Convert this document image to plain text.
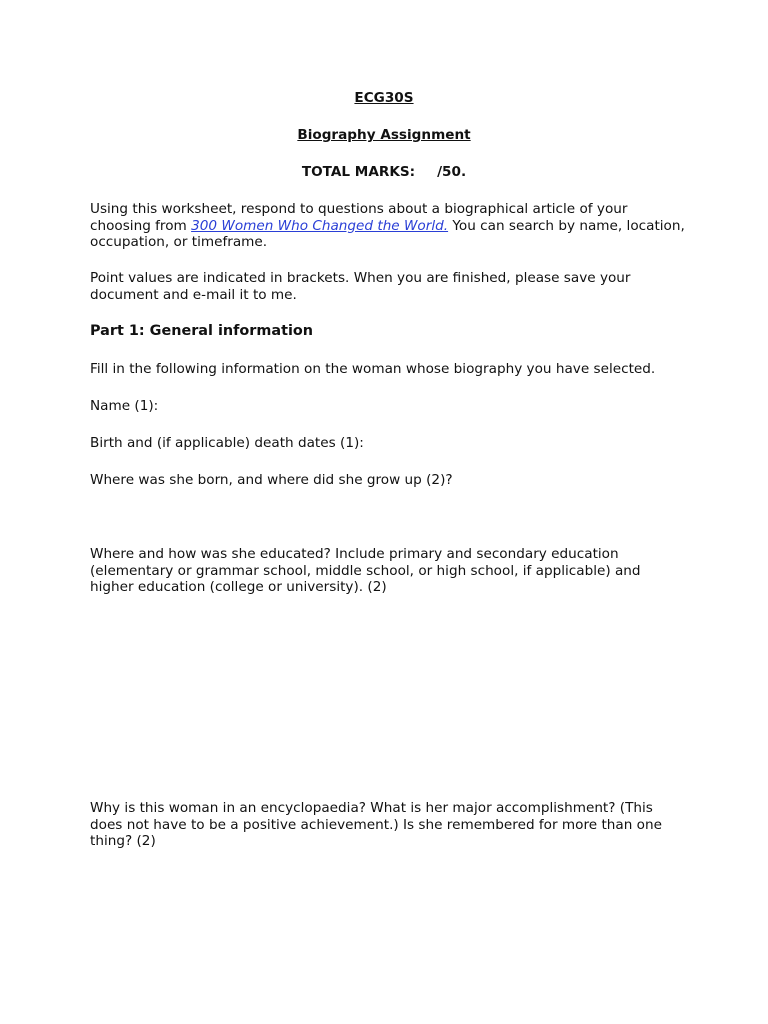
ECG30S

Biography Assignment

TOTAL MARKS: /50.

Using this worksheet, respond to questions about a biographical article of your choosing from 300 Women Who Changed the World. You can search by name, location, occupation, or timeframe.

Point values are indicated in brackets. When you are finished, please save your document and e-mail it to me.

Part 1: General information

Fill in the following information on the woman whose biography you have selected.

Name (1):

Birth and (if applicable) death dates (1):

Where was she born, and where did she grow up (2)?

Where and how was she educated? Include primary and secondary education (elementary or grammar school, middle school, or high school, if applicable) and higher education (college or university). (2)

Why is this woman in an encyclopaedia? What is her major accomplishment? (This does not have to be a positive achievement.) Is she remembered for more than one thing? (2)
